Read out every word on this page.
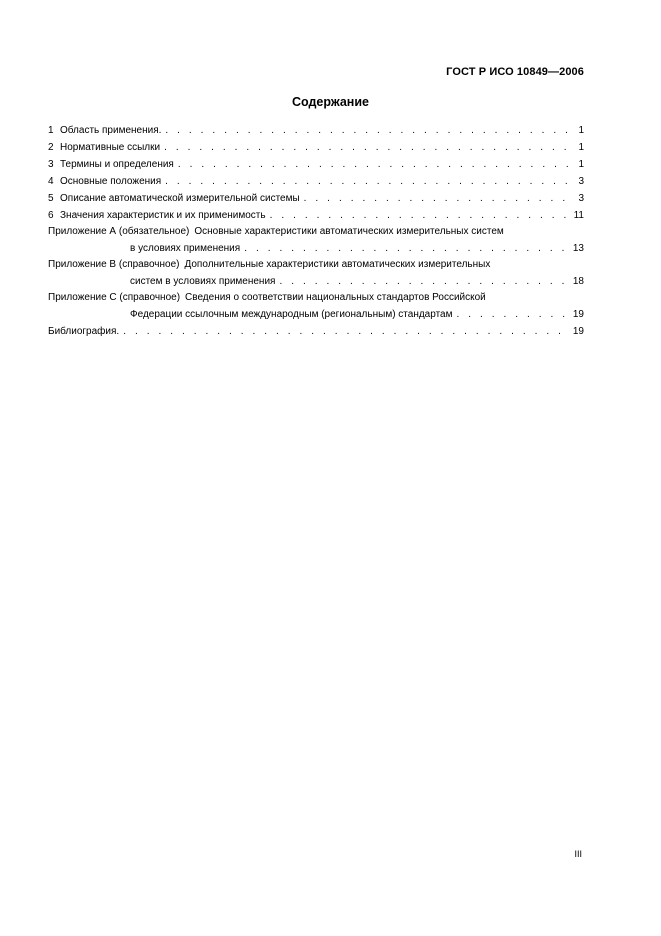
ГОСТ Р ИСО 10849—2006
Содержание
1 Область применения. . . .	1
2 Нормативные ссылки . . .	1
3 Термины и определения . . .	1
4 Основные положения . . .	3
5 Описание автоматической измерительной системы . . .	3
6 Значения характеристик и их применимость . . .	11
Приложение А (обязательное) Основные характеристики автоматических измерительных систем
в условиях применения . . .	13
Приложение В (справочное) Дополнительные характеристики автоматических измерительных
систем в условиях применения . . .	18
Приложение С (справочное) Сведения о соответствии национальных стандартов Российской
Федерации ссылочным международным (региональным) стандартам . . .	19
Библиография. . . .	19
III
